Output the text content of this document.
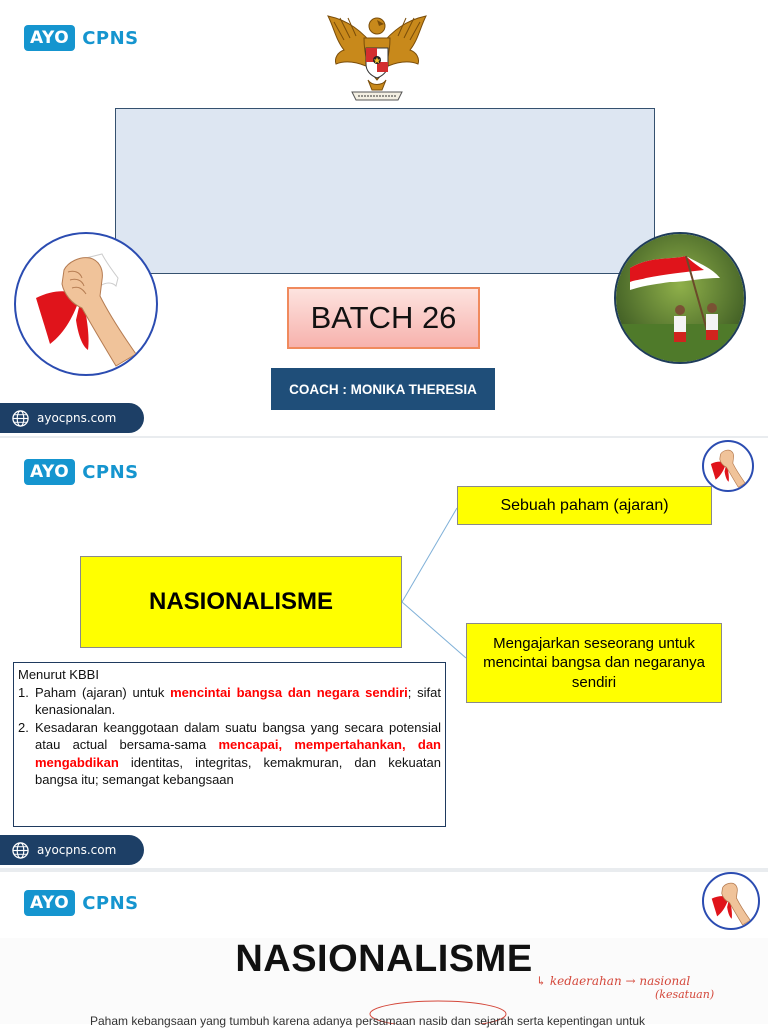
AYO CPNS
BATCH 26
COACH : MONIKA THERESIA
ayocpns.com
AYO CPNS
Sebuah paham (ajaran)
NASIONALISME
Mengajarkan seseorang untuk mencintai bangsa dan negaranya sendiri
Menurut KBBI
1. Paham (ajaran) untuk mencintai bangsa dan negara sendiri; sifat kenasionalan.
2. Kesadaran keanggotaan dalam suatu bangsa yang secara potensial atau actual bersama-sama mencapai, mempertahankan, dan mengabdikan identitas, integritas, kemakmuran, dan kekuatan bangsa itu; semangat kebangsaan
ayocpns.com
AYO CPNS
NASIONALISME
↳ kedaerahan → nasional
(kesatuan)
Paham kebangsaan yang tumbuh karena adanya persamaan nasib dan sejarah serta kepentingan untuk
